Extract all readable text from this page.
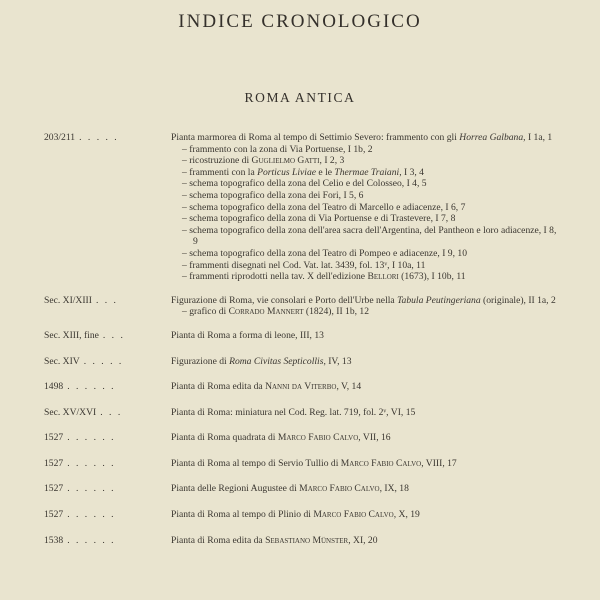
INDICE CRONOLOGICO
ROMA ANTICA
203/211 . . . . .	Pianta marmorea di Roma al tempo di Settimio Severo: frammento con gli Horrea Galbana, I 1a, 1
– frammento con la zona di Via Portuense, I 1b, 2
– ricostruzione di Guglielmo Gatti, I 2, 3
– frammenti con la Porticus Liviae e le Thermae Traiani, I 3, 4
– schema topografico della zona del Celio e del Colosseo, I 4, 5
– schema topografico della zona dei Fori, I 5, 6
– schema topografico della zona del Teatro di Marcello e adiacenze, I 6, 7
– schema topografico della zona di Via Portuense e di Trastevere, I 7, 8
– schema topografico della zona dell'area sacra dell'Argentina, del Pantheon e loro adiacenze, I 8, 9
– schema topografico della zona del Teatro di Pompeo e adiacenze, I 9, 10
– frammenti disegnati nel Cod. Vat. lat. 3439, fol. 13ᵛ, I 10a, 11
– frammenti riprodotti nella tav. X dell'edizione Bellori (1673), I 10b, 11
Sec. XI/XIII . . .	Figurazione di Roma, vie consolari e Porto dell'Urbe nella Tabula Peutingeriana (originale), II 1a, 2
– grafico di Corrado Mannert (1824), II 1b, 12
Sec. XIII, fine . . .	Pianta di Roma a forma di leone, III, 13
Sec. XIV . . . . .	Figurazione di Roma Civitas Septicollis, IV, 13
1498 . . . . . .	Pianta di Roma edita da Nanni da Viterbo, V, 14
Sec. XV/XVI . . .	Pianta di Roma: miniatura nel Cod. Reg. lat. 719, fol. 2ᵛ, VI, 15
1527 . . . . . .	Pianta di Roma quadrata di Marco Fabio Calvo, VII, 16
1527 . . . . . .	Pianta di Roma al tempo di Servio Tullio di Marco Fabio Calvo, VIII, 17
1527 . . . . . .	Pianta delle Regioni Augustee di Marco Fabio Calvo, IX, 18
1527 . . . . . .	Pianta di Roma al tempo di Plinio di Marco Fabio Calvo, X, 19
1538 . . . . . .	Pianta di Roma edita da Sebastiano Münster, XI, 20
